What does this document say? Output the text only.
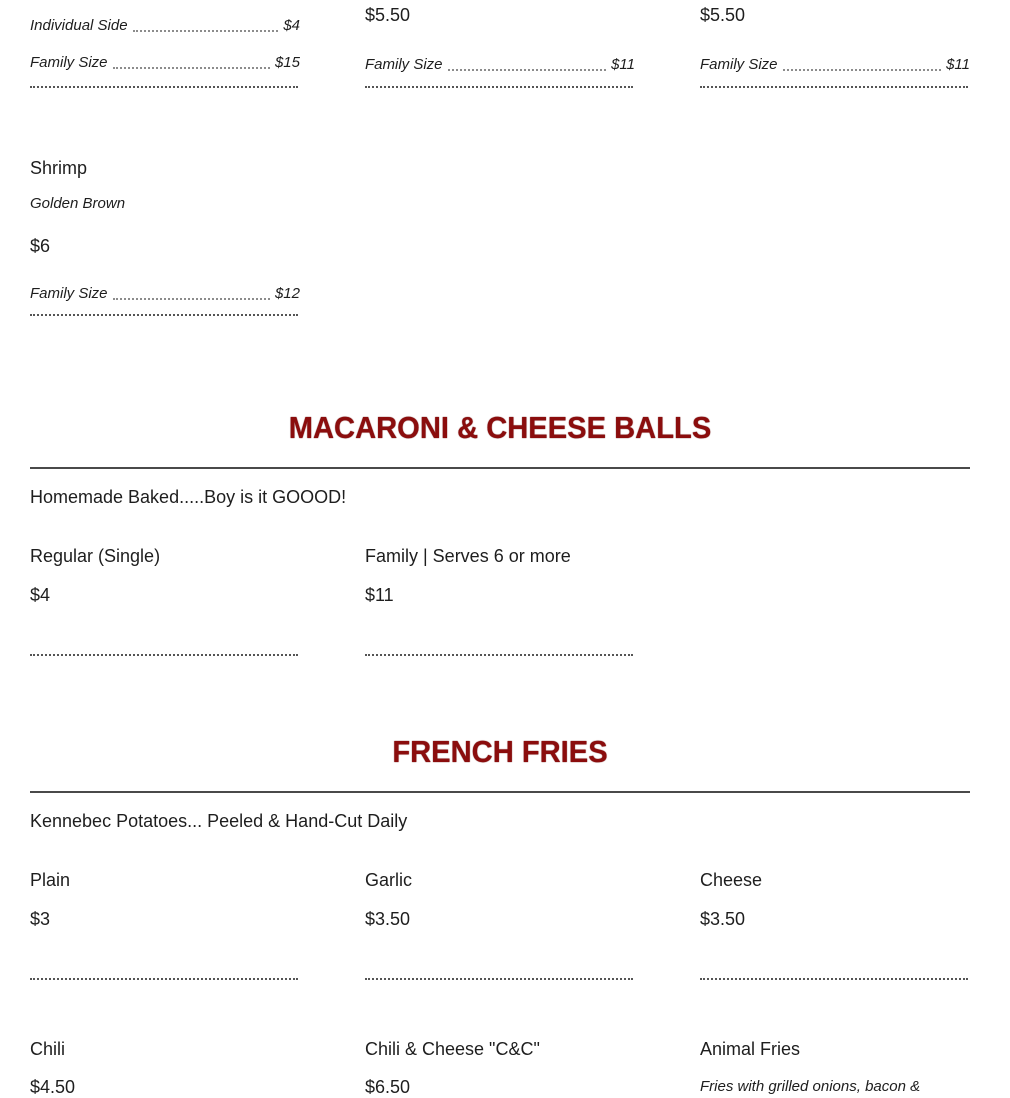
Individual Side	$4
Family Size	$15
$5.50
Family Size	$11
$5.50
Family Size	$11
Shrimp
Golden Brown
$6
Family Size	$12
MACARONI & CHEESE BALLS
Homemade Baked.....Boy is it GOOOD!
Regular (Single)
$4
Family | Serves 6 or more
$11
FRENCH FRIES
Kennebec Potatoes... Peeled & Hand-Cut Daily
Plain
$3
Garlic
$3.50
Cheese
$3.50
Chili
$4.50
Chili & Cheese "C&C"
$6.50
Animal Fries
Fries with grilled onions, bacon &
